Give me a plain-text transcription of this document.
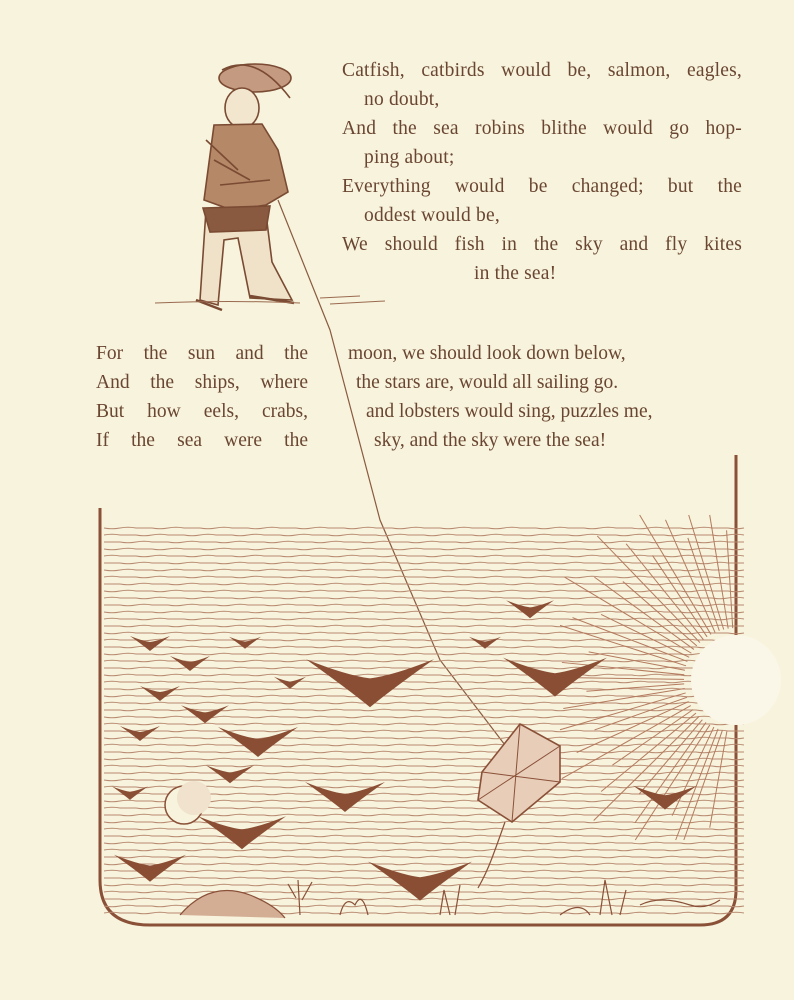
Catfish, catbirds would be, salmon, eagles,
no doubt,
And the sea robins blithe would go hop-
ping about;
Everything would be changed; but the
oddest would be,
We should fish in the sky and fly kites
in the sea!
For the sun and the
And the ships, where
But how eels, crabs,
If the sea were the
moon, we should look down below,
the stars are, would all sailing go.
and lobsters would sing, puzzles me,
sky, and the sky were the sea!
